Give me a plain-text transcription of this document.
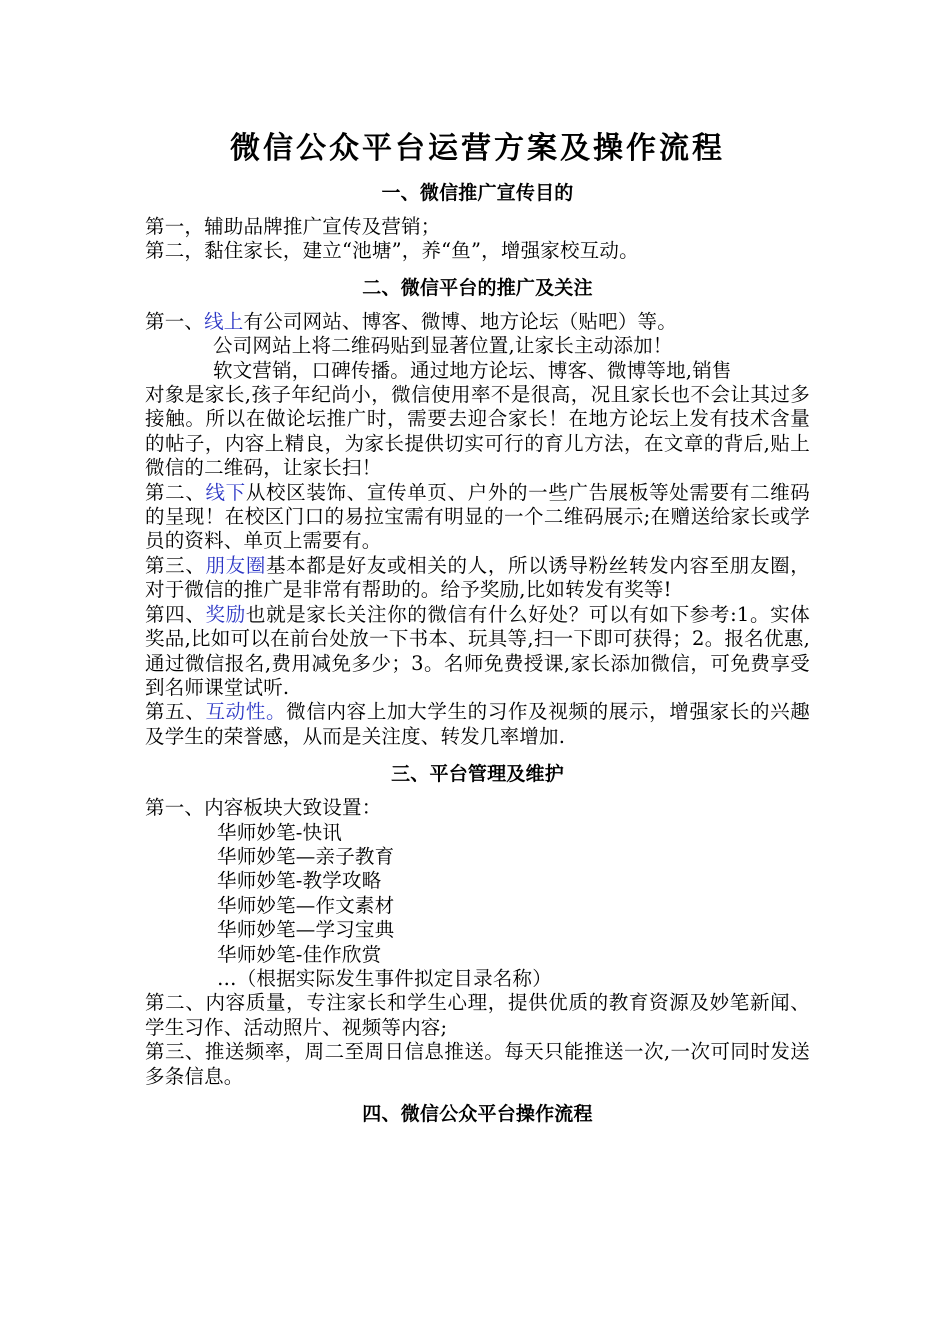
微信公众平台运营方案及操作流程
一、微信推广宣传目的

第一，辅助品牌推广宣传及营销；

第二，黏住家长，建立“池塘”，养“鱼”，增强家校互动。

二、微信平台的推广及关注

第一、线上有公司网站、博客、微博、地方论坛（贴吧）等。

公司网站上将二维码贴到显著位置,让家长主动添加！

软文营销，口碑传播。通过地方论坛、博客、微博等地,销售

对象是家长,孩子年纪尚小，微信使用率不是很高，况且家长也不会让其过多接触。所以在做论坛推广时，需要去迎合家长！在地方论坛上发有技术含量的帖子，内容上精良，为家长提供切实可行的育儿方法，在文章的背后,贴上微信的二维码，让家长扫！

第二、线下从校区装饰、宣传单页、户外的一些广告展板等处需要有二维码的呈现！在校区门口的易拉宝需有明显的一个二维码展示;在赠送给家长或学员的资料、单页上需要有。

第三、朋友圈基本都是好友或相关的人，所以诱导粉丝转发内容至朋友圈，对于微信的推广是非常有帮助的。给予奖励,比如转发有奖等!

第四、奖励也就是家长关注你的微信有什么好处？可以有如下参考:1。实体奖品,比如可以在前台处放一下书本、玩具等,扫一下即可获得；2。报名优惠,通过微信报名,费用减免多少；3。名师免费授课,家长添加微信，可免费享受到名师课堂试听.

第五、互动性。微信内容上加大学生的习作及视频的展示，增强家长的兴趣及学生的荣誉感，从而是关注度、转发几率增加.

三、平台管理及维护

第一、内容板块大致设置：

华师妙笔-快讯

华师妙笔—亲子教育

华师妙笔-教学攻略

华师妙笔—作文素材

华师妙笔—学习宝典

华师妙笔-佳作欣赏

…（根据实际发生事件拟定目录名称）

第二、内容质量，专注家长和学生心理，提供优质的教育资源及妙笔新闻、学生习作、活动照片、视频等内容;

第三、推送频率，周二至周日信息推送。每天只能推送一次,一次可同时发送多条信息。

四、微信公众平台操作流程
